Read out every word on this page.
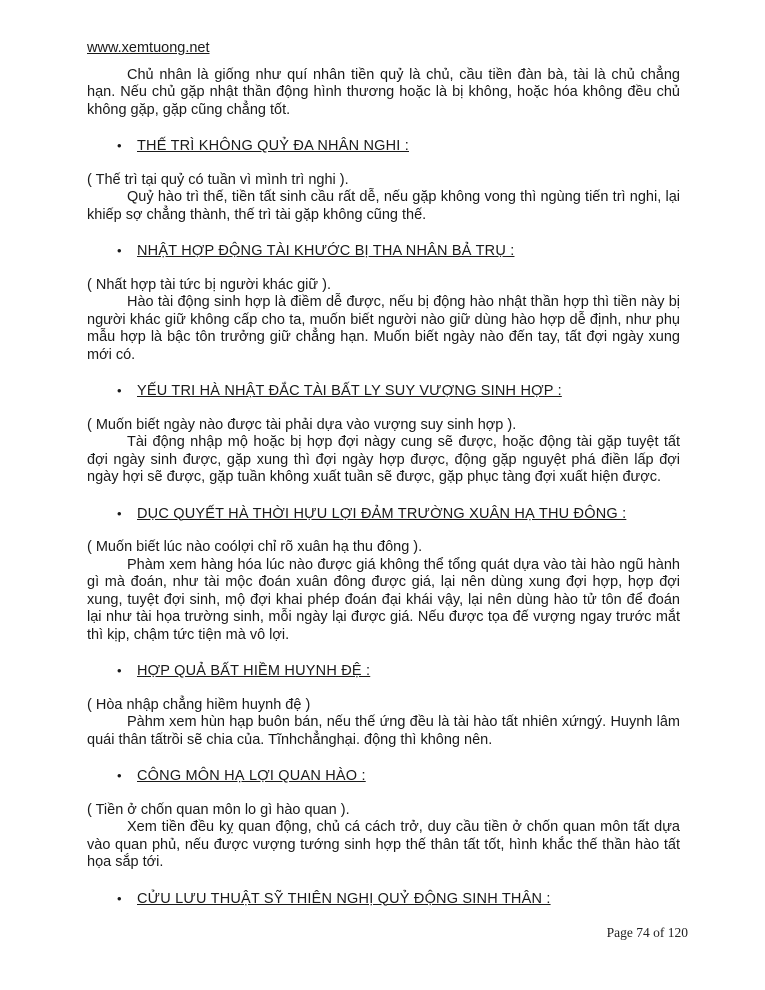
www.xemtuong.net

Chủ nhân là giống như quí nhân tiền quỷ là chủ, cầu tiền đàn bà, tài là chủ chẳng hạn. Nếu chủ gặp nhật thần động hình thương hoặc là bị không, hoặc hóa không đều chủ không gặp, gặp cũng chẳng tốt.

•	THẾ TRÌ KHÔNG QUỶ ĐA NHÂN NGHI :

( Thế trì tại quỷ có tuần vì mình trì nghi ).

Quỷ hào trì thế, tiền tất sinh cầu rất dễ, nếu gặp không vong thì ngùng tiến trì nghi, lại khiếp sợ chẳng thành, thế trì tài gặp không cũng thế.

•	NHẬT HỢP ĐỘNG TÀI KHƯỚC BỊ THA NHÂN BẢ TRỤ :

( Nhất hợp tài tức bị người khác giữ ).

Hào tài động sinh hợp là điềm dễ được, nếu bị động hào nhật thần hợp thì tiền này bị người khác giữ không cấp cho ta, muốn biết người nào giữ dùng hào hợp dễ định, như phụ mẫu hợp là bậc tôn trưởng giữ chẳng hạn. Muốn biết ngày nào đến tay, tất đợi ngày xung mới có.

•	YẾU TRI HÀ NHẬT ĐẮC TÀI BẤT LY SUY VƯỢNG SINH HỢP :

( Muốn biết ngày nào được tài phải dựa vào vượng suy sinh hợp ).

Tài động nhập mộ hoặc bị hợp đợi nàgy cung sẽ được, hoặc động tài gặp tuyệt tất đợi ngày sinh được, gặp xung thì đợi ngày hợp được, động gặp nguyệt phá điền lấp đợi ngày hợi sẽ được, gặp tuần không xuất tuần sẽ được, gặp phục tàng đợi xuất hiện được.

•	DỤC QUYẾT HÀ THỜI HỰU LỢI ĐẢM TRƯỜNG XUÂN HẠ THU ĐÔNG :

( Muốn biết lúc nào coólợi chỉ rõ xuân hạ thu đông ).

Phàm xem hàng hóa lúc nào được giá không thể tổng quát dựa vào tài hào ngũ hành gì mà đoán, như tài mộc đoán xuân đông được giá, lại nên dùng xung đợi hợp, hợp đợi xung, tuyệt đợi sinh, mộ đợi khai phép đoán đại khái vậy, lại nên dùng hào tử tôn để đoán lại như tài họa trường sinh, mỗi ngày lại được giá. Nếu được tọa đế vượng ngay trước mắt thì kịp, chậm tức tiện mà vô lợi.

•	HỢP QUẢ BẤT HIỀM HUYNH ĐỆ :

( Hòa nhập chẳng hiềm huynh đệ )

Pàhm xem hùn hạp buôn bán, nếu thế ứng đều là tài hào tất nhiên xứngý. Huynh lâm quái thân tấtrồi sẽ chia của. Tĩnhchẳnghại. động thì không nên.

•	CÔNG MÔN HẠ LỢI QUAN HÀO :

( Tiền ở chốn quan môn lo gì hào quan ).

Xem tiền đều kỵ quan động, chủ cá cách trở, duy cầu tiền ở chốn quan môn tất dựa vào quan phủ, nếu được vượng tướng sinh hợp thế thân tất tốt, hình khắc thế thần hào tất họa sắp tới.

•	CỬU LƯU THUẬT SỸ THIÊN NGHỊ QUỶ ĐỘNG SINH THÂN :
Page 74 of 120
